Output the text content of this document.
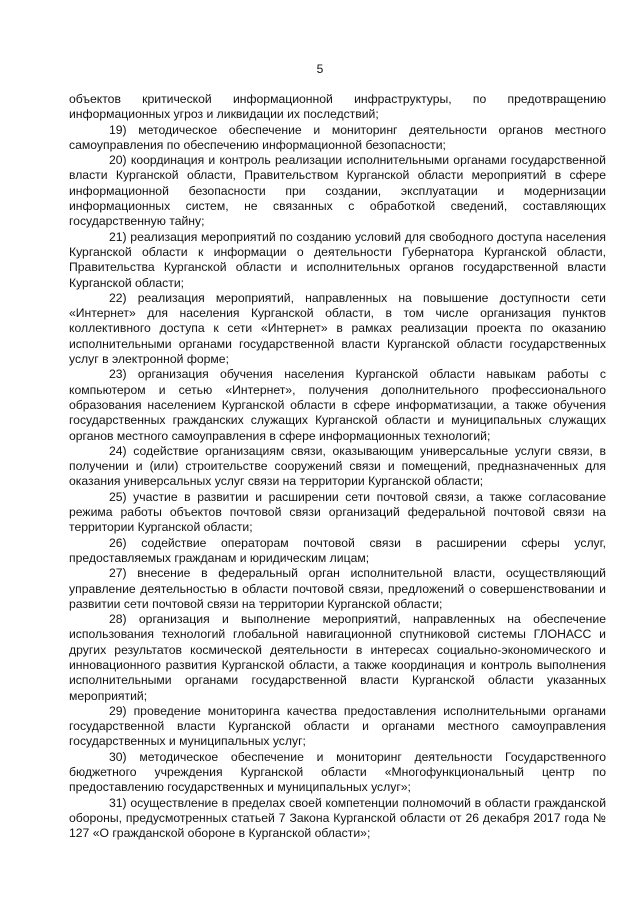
5

объектов критической информационной инфраструктуры, по предотвращению информационных угроз и ликвидации их последствий;

19) методическое обеспечение и мониторинг деятельности органов местного самоуправления по обеспечению информационной безопасности;

20) координация и контроль реализации исполнительными органами государственной власти Курганской области, Правительством Курганской области мероприятий в сфере информационной безопасности при создании, эксплуатации и модернизации информационных систем, не связанных с обработкой сведений, составляющих государственную тайну;

21) реализация мероприятий по созданию условий для свободного доступа населения Курганской области к информации о деятельности Губернатора Курганской области, Правительства Курганской области и исполнительных органов государственной власти Курганской области;

22) реализация мероприятий, направленных на повышение доступности сети «Интернет» для населения Курганской области, в том числе организация пунктов коллективного доступа к сети «Интернет» в рамках реализации проекта по оказанию исполнительными органами государственной власти Курганской области государственных услуг в электронной форме;

23) организация обучения населения Курганской области навыкам работы с компьютером и сетью «Интернет», получения дополнительного профессионального образования населением Курганской области в сфере информатизации, а также обучения государственных гражданских служащих Курганской области и муниципальных служащих органов местного самоуправления в сфере информационных технологий;

24) содействие организациям связи, оказывающим универсальные услуги связи, в получении и (или) строительстве сооружений связи и помещений, предназначенных для оказания универсальных услуг связи на территории Курганской области;

25) участие в развитии и расширении сети почтовой связи, а также согласование режима работы объектов почтовой связи организаций федеральной почтовой связи на территории Курганской области;

26) содействие операторам почтовой связи в расширении сферы услуг, предоставляемых гражданам и юридическим лицам;

27) внесение в федеральный орган исполнительной власти, осуществляющий управление деятельностью в области почтовой связи, предложений о совершенствовании и развитии сети почтовой связи на территории Курганской области;

28) организация и выполнение мероприятий, направленных на обеспечение использования технологий глобальной навигационной спутниковой системы ГЛОНАСС и других результатов космической деятельности в интересах социально-экономического и инновационного развития Курганской области, а также координация и контроль выполнения исполнительными органами государственной власти Курганской области указанных мероприятий;

29) проведение мониторинга качества предоставления исполнительными органами государственной власти Курганской области и органами местного самоуправления государственных и муниципальных услуг;

30) методическое обеспечение и мониторинг деятельности Государственного бюджетного учреждения Курганской области «Многофункциональный центр по предоставлению государственных и муниципальных услуг»;

31) осуществление в пределах своей компетенции полномочий в области гражданской обороны, предусмотренных статьей 7 Закона Курганской области от 26 декабря 2017 года № 127 «О гражданской обороне в Курганской области»;
